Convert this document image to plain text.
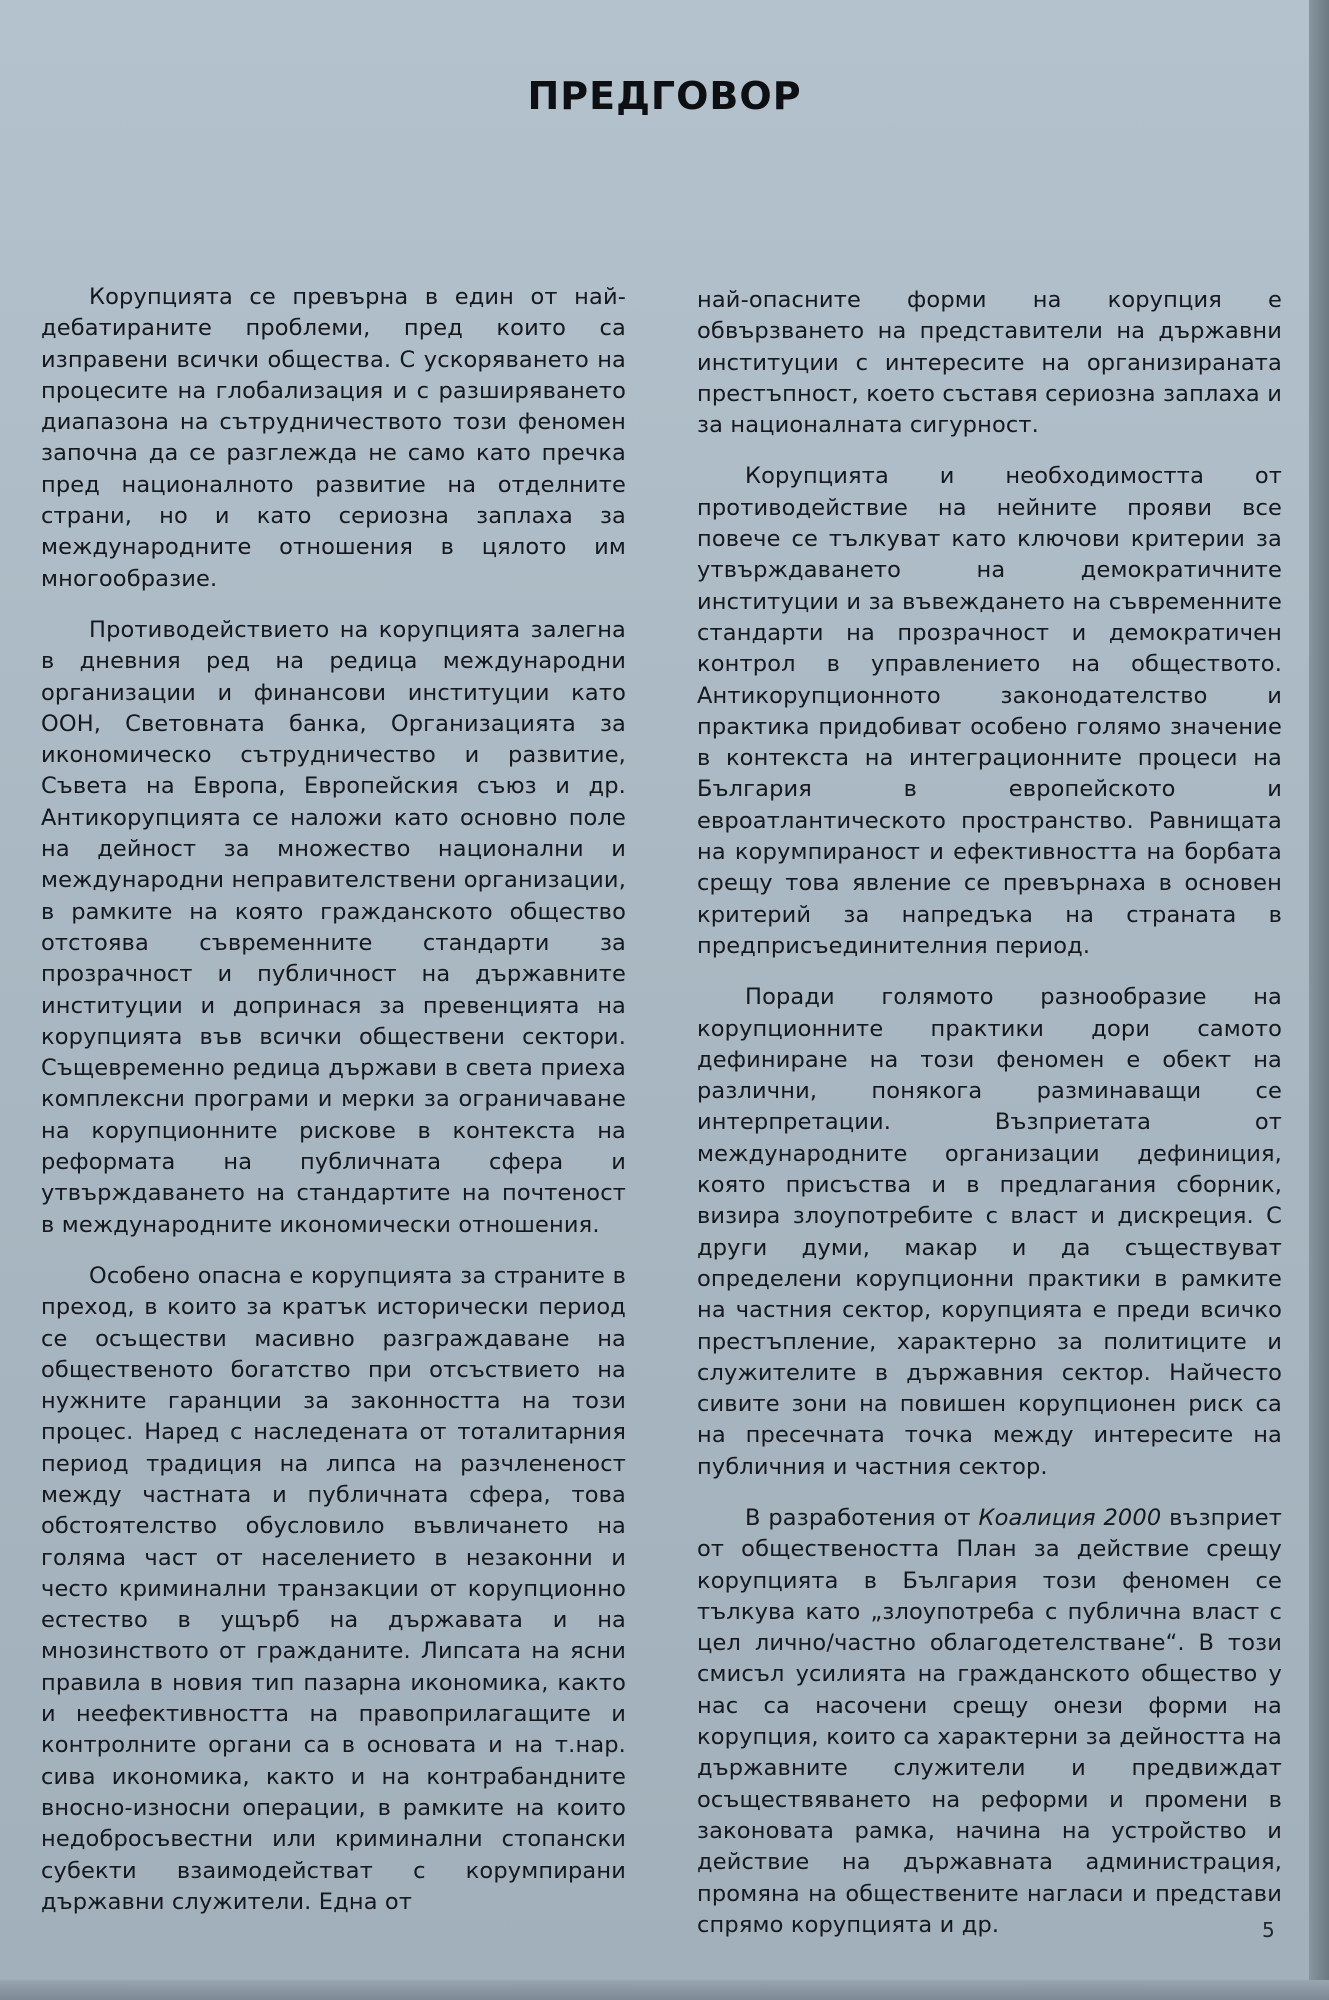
ПРЕДГОВОР

Корупцията се превърна в един от най-дебатираните проблеми, пред които са изправени всички общества. С ускоряването на процесите на глобализация и с разширяването диапазона на сътрудничеството този феномен започна да се разглежда не само като пречка пред националното развитие на отделните страни, но и като сериозна заплаха за международните отношения в цялото им многообразие.

Противодействието на корупцията залегна в дневния ред на редица международни организации и финансови институции като ООН, Световната банка, Организацията за икономическо сътрудничество и развитие, Съвета на Европа, Европейския съюз и др. Антикорупцията се наложи като основно поле на дейност за множество национални и международни неправителствени организации, в рамките на която гражданското общество отстоява съвременните стандарти за прозрачност и публичност на държавните институции и допринася за превенцията на корупцията във всички обществени сектори. Същевременно редица държави в света приеха комплексни програми и мерки за ограничаване на корупционните рискове в контекста на реформата на публичната сфера и утвърждаването на стандартите на почтеност в международните икономически отношения.

Особено опасна е корупцията за страните в преход, в които за кратък исторически период се осъществи масивно разграждаване на общественото богатство при отсъствието на нужните гаранции за законността на този процес. Наред с наследената от тоталитарния период традиция на липса на разчлененост между частната и публичната сфера, това обстоятелство обусловило въвличането на голяма част от населението в незаконни и често криминални транзакции от корупционно естество в ущърб на държавата и на мнозинството от гражданите. Липсата на ясни правила в новия тип пазарна икономика, както и неефективността на правоприлагащите и контролните органи са в основата и на т.нар. сива икономика, както и на контрабандните вносно-износни операции, в рамките на които недобросъвестни или криминални стопански субекти взаимодействат с корумпирани държавни служители. Една от

най-опасните форми на корупция е обвързването на представители на държавни институции с интересите на организираната престъпност, което съставя сериозна заплаха и за националната сигурност.

Корупцията и необходимостта от противодействие на нейните прояви все повече се тълкуват като ключови критерии за утвърждаването на демократичните институции и за въвеждането на съвременните стандарти на прозрачност и демократичен контрол в управлението на обществото. Антикорупционното законодателство и практика придобиват особено голямо значение в контекста на интеграционните процеси на България в европейското и евроатлантическото пространство. Равнищата на корумпираност и ефективността на борбата срещу това явление се превърнаха в основен критерий за напредъка на страната в предприсъединителния период.

Поради голямото разнообразие на корупционните практики дори самото дефиниране на този феномен е обект на различни, понякога разминаващи се интерпретации. Възприетата от международните организации дефиниция, която присъства и в предлагания сборник, визира злоупотребите с власт и дискреция. С други думи, макар и да съществуват определени корупционни практики в рамките на частния сектор, корупцията е преди всичко престъпление, характерно за политиците и служителите в държавния сектор. Найчесто сивите зони на повишен корупционен риск са на пресечната точка между интересите на публичния и частния сектор.

В разработения от Коалиция 2000 възприет от обществеността План за действие срещу корупцията в България този феномен се тълкува като „злоупотреба с публична власт с цел лично/частно облагодетелстване“. В този смисъл усилията на гражданското общество у нас са насочени срещу онези форми на корупция, които са характерни за дейността на държавните служители и предвиждат осъществяването на реформи и промени в законовата рамка, начина на устройство и действие на държавната администрация, промяна на обществените нагласи и представи спрямо корупцията и др.	5
